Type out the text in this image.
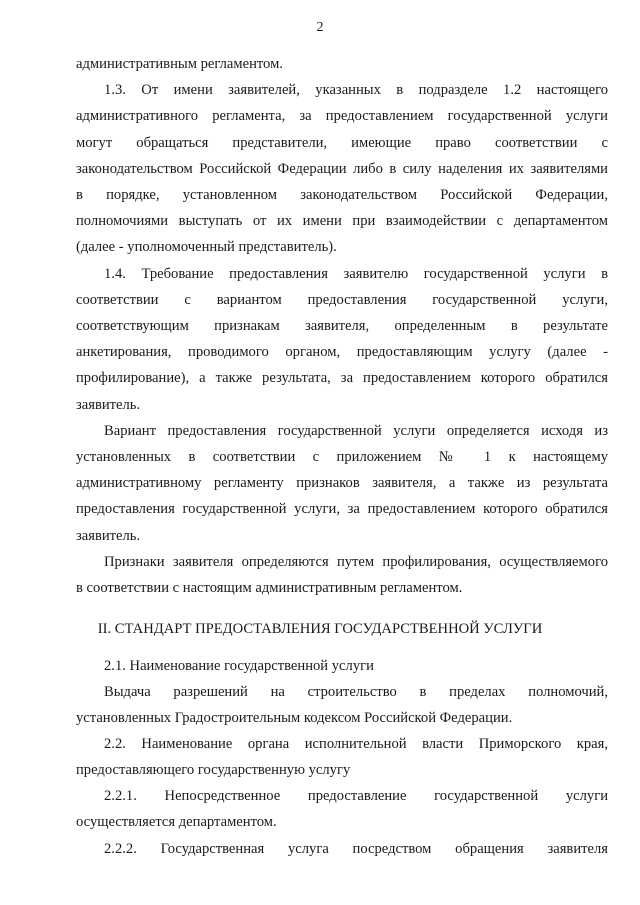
2
административным регламентом.
1.3. От имени заявителей, указанных в подразделе 1.2 настоящего
административного регламента, за предоставлением государственной услуги
могут обращаться представители, имеющие право соответствии с
законодательством Российской Федерации либо в силу наделения их заявителями
в порядке, установленном законодательством Российской Федерации,
полномочиями выступать от их имени при взаимодействии с департаментом
(далее - уполномоченный представитель).
1.4. Требование предоставления заявителю государственной услуги в
соответствии с вариантом предоставления государственной услуги,
соответствующим признакам заявителя, определенным в результате
анкетирования, проводимого органом, предоставляющим услугу (далее -
профилирование), а также результата, за предоставлением которого обратился
заявитель.
Вариант предоставления государственной услуги определяется исходя из
установленных в соответствии с приложением № 1 к настоящему
административному регламенту признаков заявителя, а также из результата
предоставления государственной услуги, за предоставлением которого обратился
заявитель.
Признаки заявителя определяются путем профилирования, осуществляемого
в соответствии с настоящим административным регламентом.
II. СТАНДАРТ ПРЕДОСТАВЛЕНИЯ ГОСУДАРСТВЕННОЙ УСЛУГИ
2.1. Наименование государственной услуги
Выдача разрешений на строительство в пределах полномочий,
установленных Градостроительным кодексом Российской Федерации.
2.2. Наименование органа исполнительной власти Приморского края,
предоставляющего государственную услугу
2.2.1. Непосредственное предоставление государственной услуги
осуществляется департаментом.
2.2.2. Государственная услуга посредством обращения заявителя
